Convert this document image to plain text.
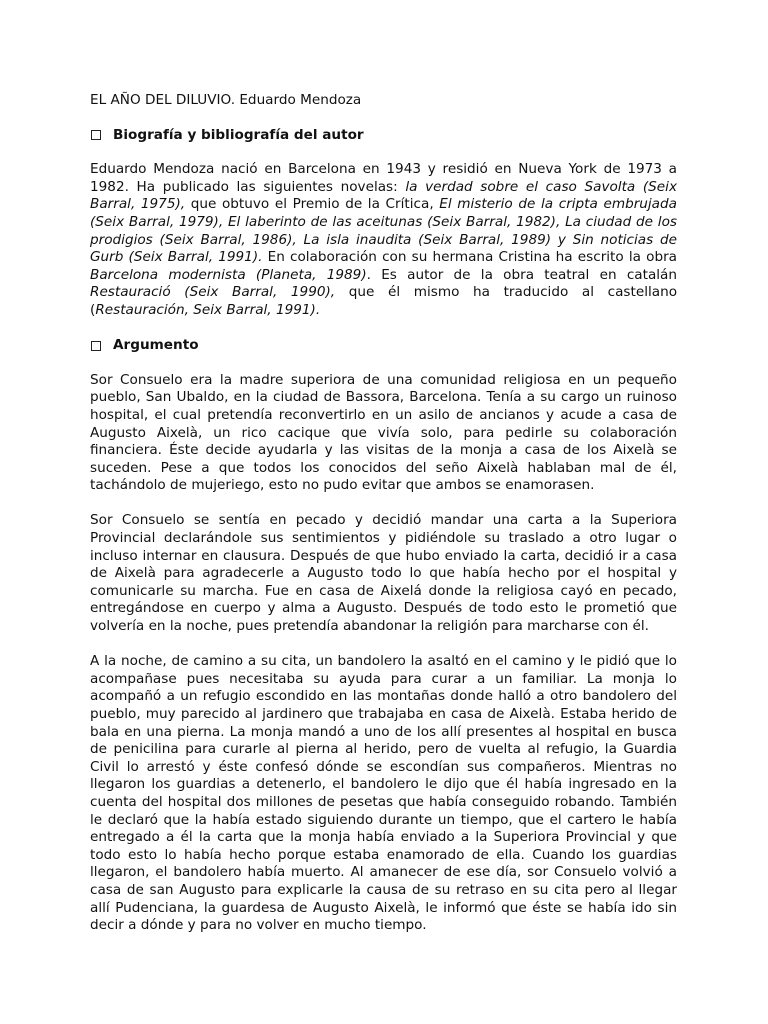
EL AÑO DEL DILUVIO. Eduardo Mendoza
Biografía y bibliografía del autor

Eduardo Mendoza nació en Barcelona en 1943 y residió en Nueva York de 1973 a 1982. Ha publicado las siguientes novelas: la verdad sobre el caso Savolta (Seix Barral, 1975), que obtuvo el Premio de la Crítica, El misterio de la cripta embrujada (Seix Barral, 1979), El laberinto de las aceitunas (Seix Barral, 1982), La ciudad de los prodigios (Seix Barral, 1986), La isla inaudita (Seix Barral, 1989) y Sin noticias de Gurb (Seix Barral, 1991). En colaboración con su hermana Cristina ha escrito la obra Barcelona modernista (Planeta, 1989). Es autor de la obra teatral en catalán Restauració (Seix Barral, 1990), que él mismo ha traducido al castellano (Restauración, Seix Barral, 1991).

Argumento

Sor Consuelo era la madre superiora de una comunidad religiosa en un pequeño pueblo, San Ubaldo, en la ciudad de Bassora, Barcelona. Tenía a su cargo un ruinoso hospital, el cual pretendía reconvertirlo en un asilo de ancianos y acude a casa de Augusto Aixelà, un rico cacique que vivía solo, para pedirle su colaboración financiera. Éste decide ayudarla y las visitas de la monja a casa de los Aixelà se suceden. Pese a que todos los conocidos del seño Aixelà hablaban mal de él, tachándolo de mujeriego, esto no pudo evitar que ambos se enamorasen.

Sor Consuelo se sentía en pecado y decidió mandar una carta a la Superiora Provincial declarándole sus sentimientos y pidiéndole su traslado a otro lugar o incluso internar en clausura. Después de que hubo enviado la carta, decidió ir a casa de Aixelà para agradecerle a Augusto todo lo que había hecho por el hospital y comunicarle su marcha. Fue en casa de Aixelá donde la religiosa cayó en pecado, entregándose en cuerpo y alma a Augusto. Después de todo esto le prometió que volvería en la noche, pues pretendía abandonar la religión para marcharse con él.

A la noche, de camino a su cita, un bandolero la asaltó en el camino y le pidió que lo acompañase pues necesitaba su ayuda para curar a un familiar. La monja lo acompañó a un refugio escondido en las montañas donde halló a otro bandolero del pueblo, muy parecido al jardinero que trabajaba en casa de Aixelà. Estaba herido de bala en una pierna. La monja mandó a uno de los allí presentes al hospital en busca de penicilina para curarle al pierna al herido, pero de vuelta al refugio, la Guardia Civil lo arrestó y éste confesó dónde se escondían sus compañeros. Mientras no llegaron los guardias a detenerlo, el bandolero le dijo que él había ingresado en la cuenta del hospital dos millones de pesetas que había conseguido robando. También le declaró que la había estado siguiendo durante un tiempo, que el cartero le había entregado a él la carta que la monja había enviado a la Superiora Provincial y que todo esto lo había hecho porque estaba enamorado de ella. Cuando los guardias llegaron, el bandolero había muerto. Al amanecer de ese día, sor Consuelo volvió a casa de san Augusto para explicarle la causa de su retraso en su cita pero al llegar allí Pudenciana, la guardesa de Augusto Aixelà, le informó que éste se había ido sin decir a dónde y para no volver en mucho tiempo.
